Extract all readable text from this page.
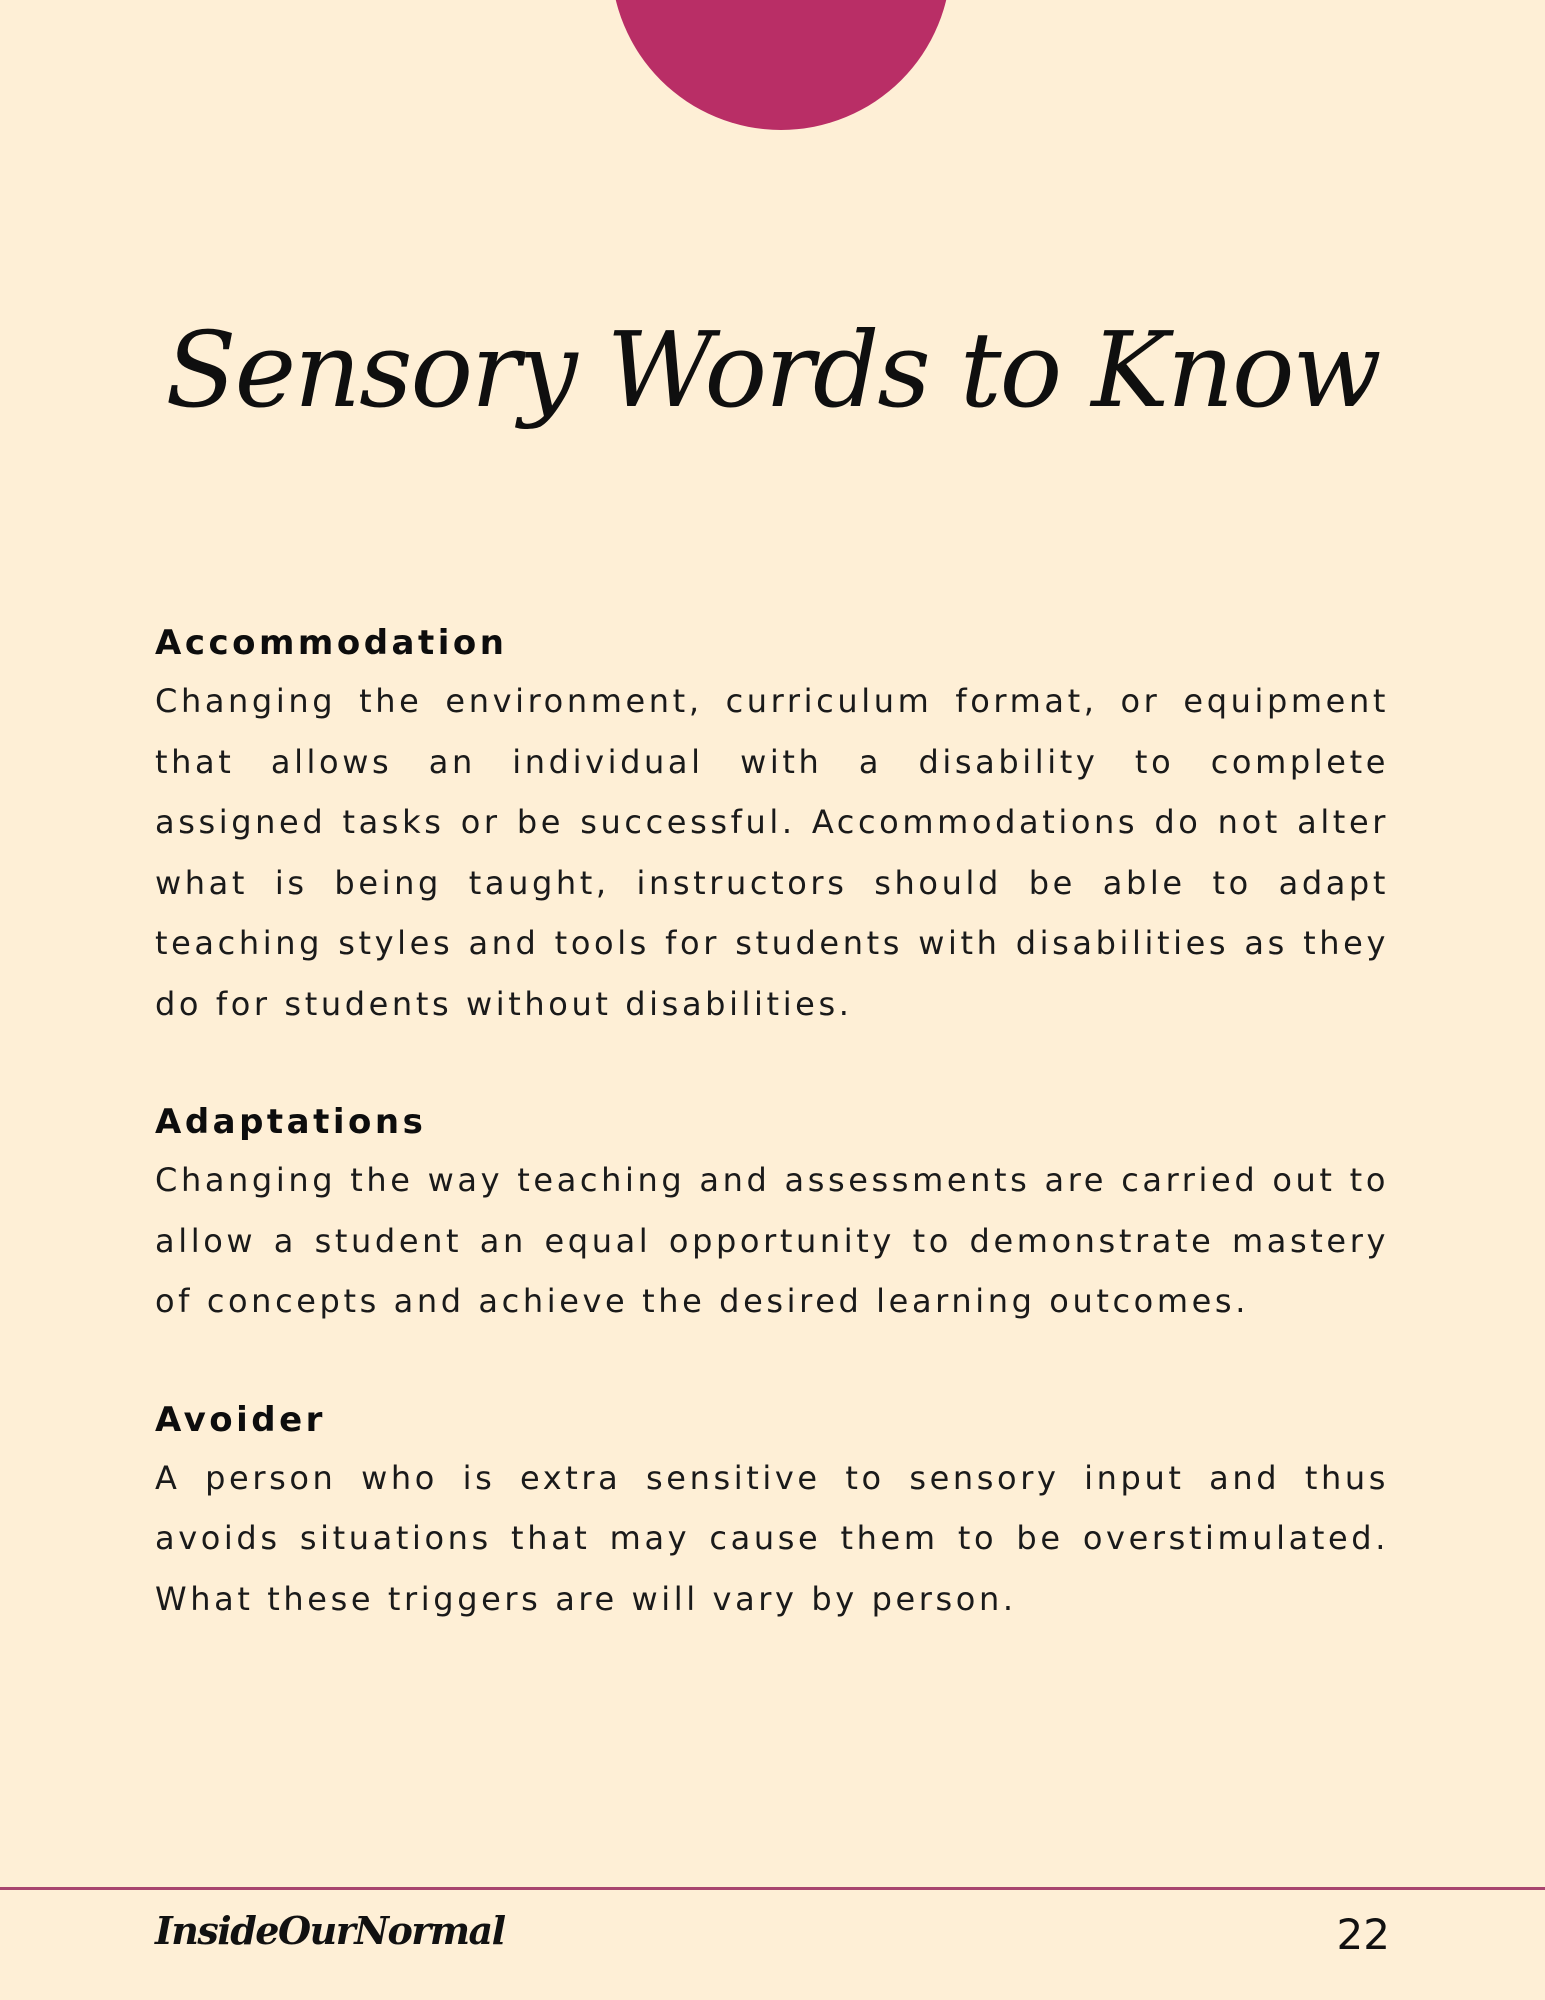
Sensory Words to Know

Accommodation

Changing the environment, curriculum format, or equipment that allows an individual with a disability to complete assigned tasks or be successful. Accommodations do not alter what is being taught, instructors should be able to adapt teaching styles and tools for students with disabilities as they do for students without disabilities.

Adaptations

Changing the way teaching and assessments are carried out to allow a student an equal opportunity to demonstrate mastery of concepts and achieve the desired learning outcomes.

Avoider

A person who is extra sensitive to sensory input and thus avoids situations that may cause them to be overstimulated. What these triggers are will vary by person.

InsideOurNormal	22
